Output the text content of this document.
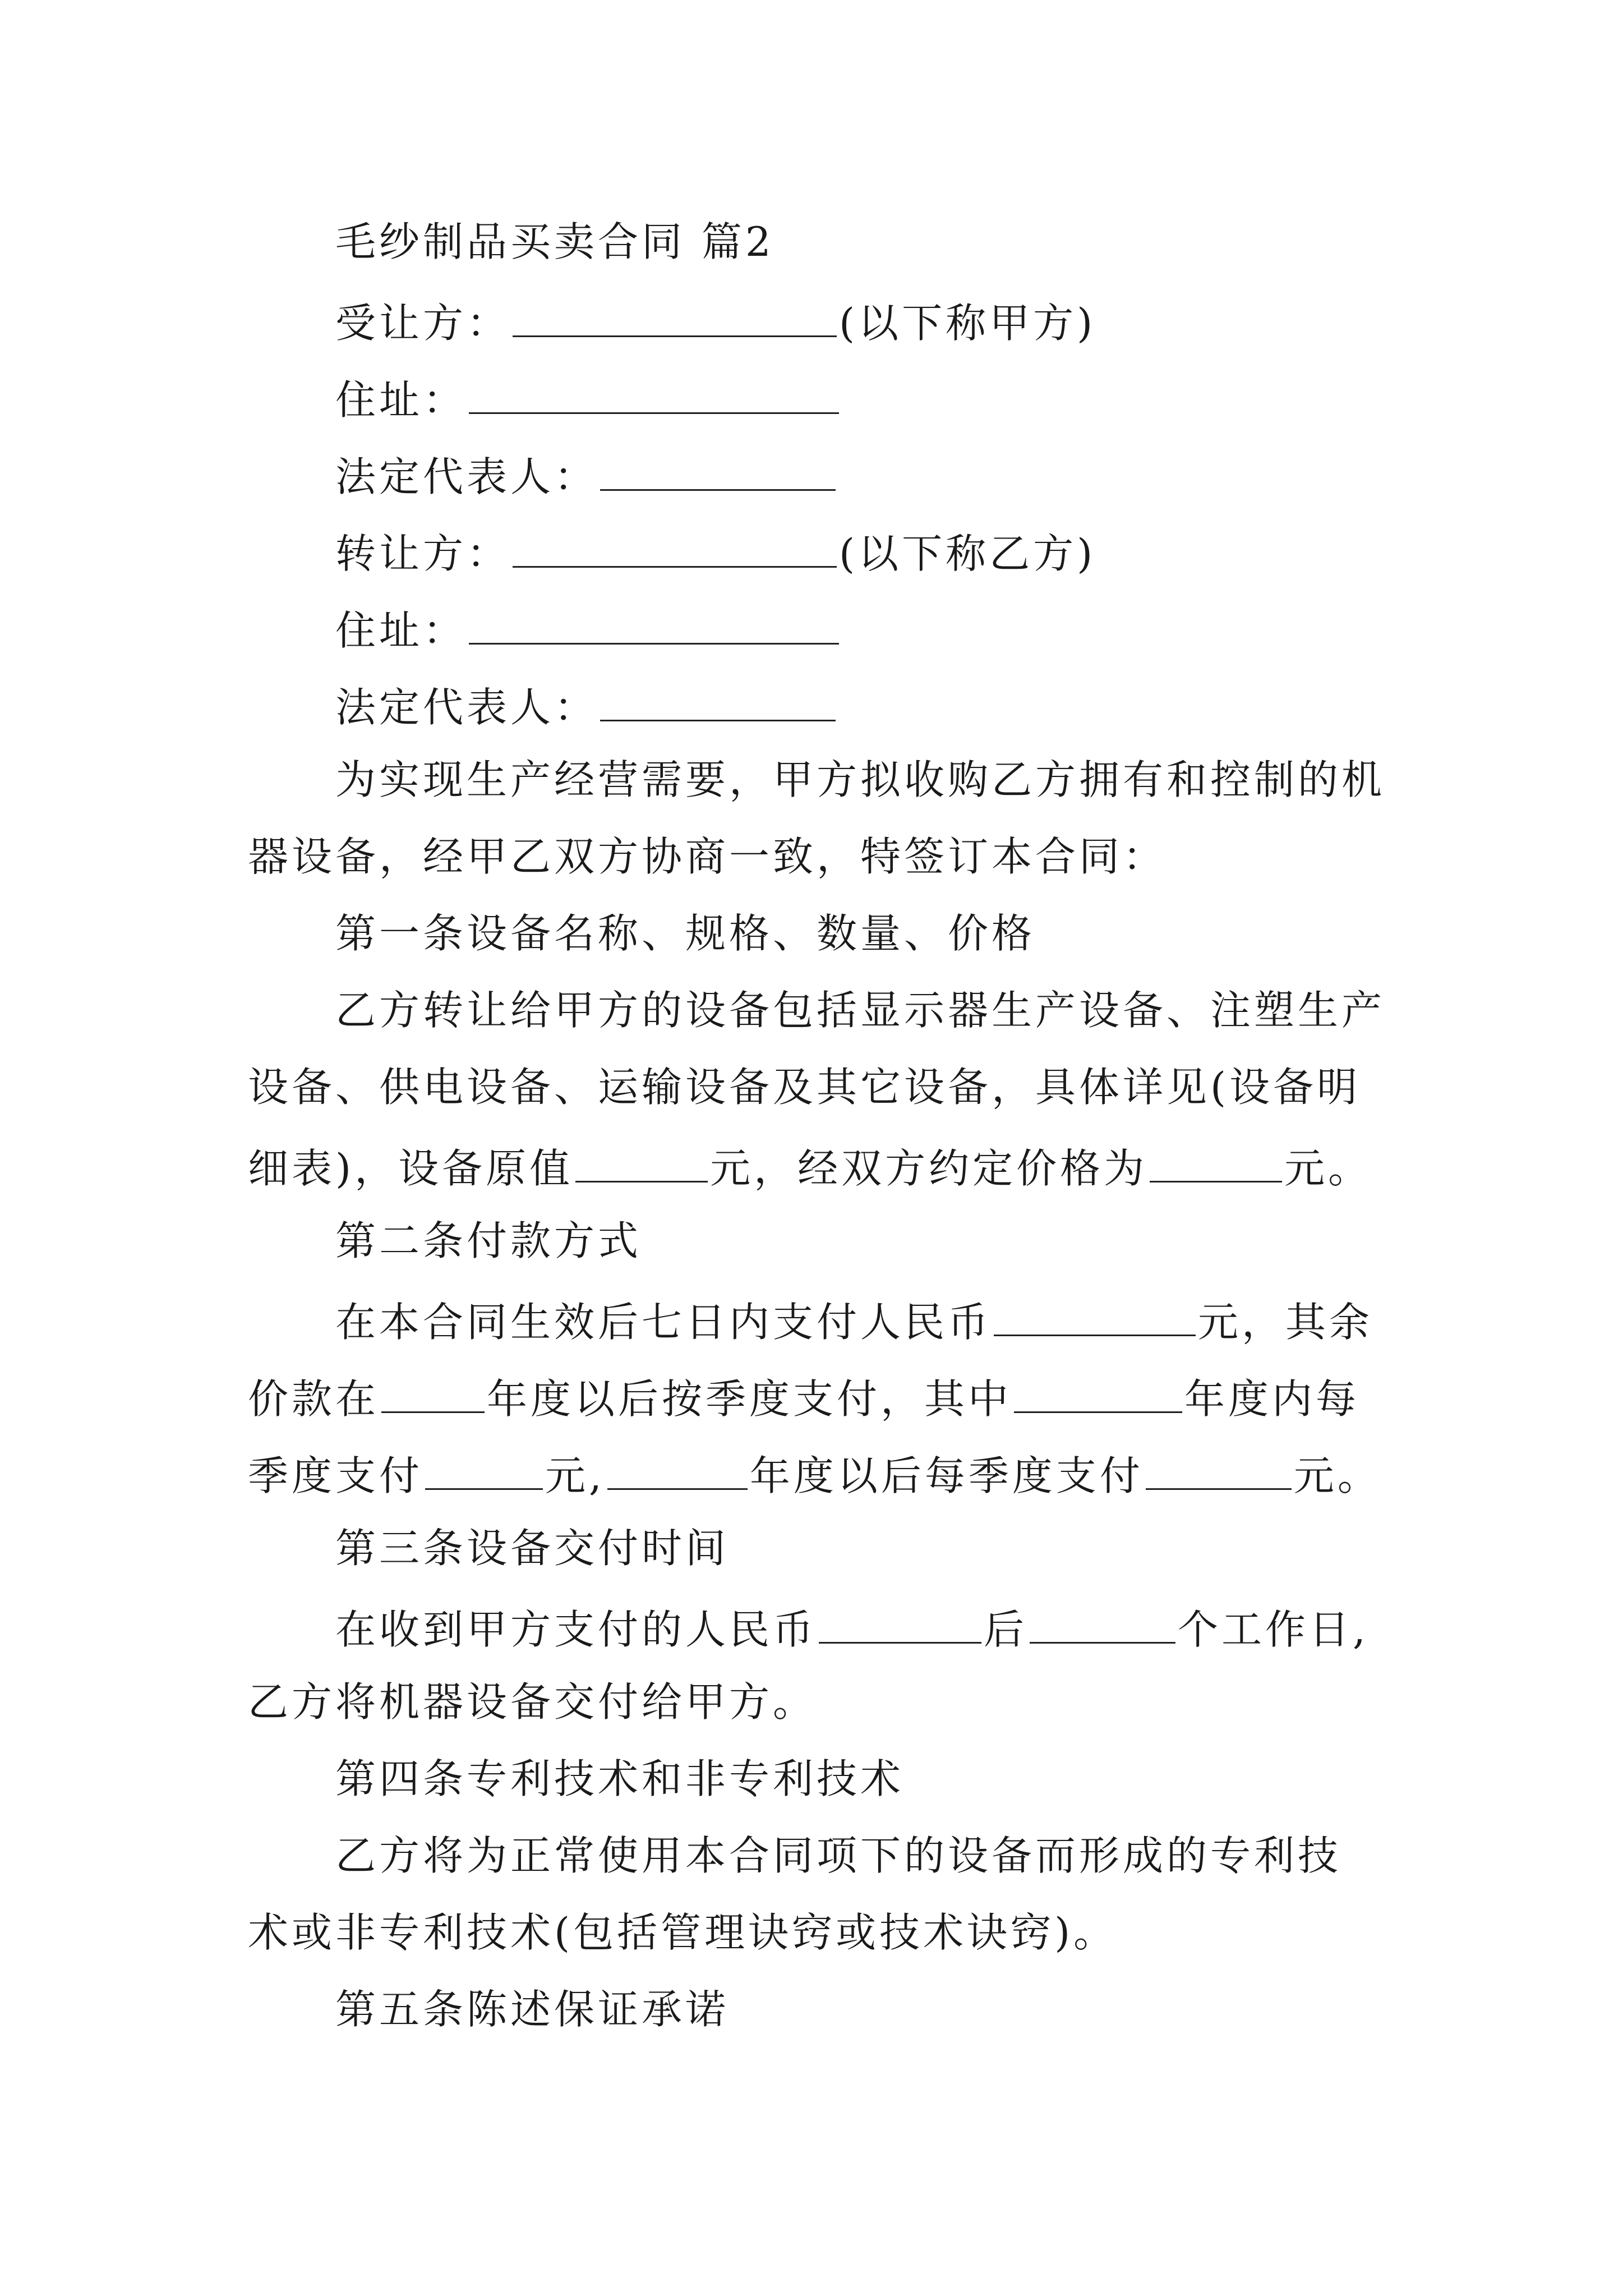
毛纱制品买卖合同 篇2
受让方：	(以下称甲方)
住址：
法定代表人：
转让方：	(以下称乙方)
住址：
法定代表人：
为实现生产经营需要，甲方拟收购乙方拥有和控制的机
器设备，经甲乙双方协商一致，特签订本合同：
第一条设备名称、规格、数量、价格
乙方转让给甲方的设备包括显示器生产设备、注塑生产
设备、供电设备、运输设备及其它设备，具体详见(设备明
细表)，设备原值	元，经双方约定价格为	元。
第二条付款方式
在本合同生效后七日内支付人民币	元，其余
价款在	年度以后按季度支付，其中	年度内每
季度支付	元,	年度以后每季度支付	元。
第三条设备交付时间
在收到甲方支付的人民币	后	个工作日,
乙方将机器设备交付给甲方。
第四条专利技术和非专利技术
乙方将为正常使用本合同项下的设备而形成的专利技
术或非专利技术(包括管理诀窍或技术诀窍)。
第五条陈述保证承诺
